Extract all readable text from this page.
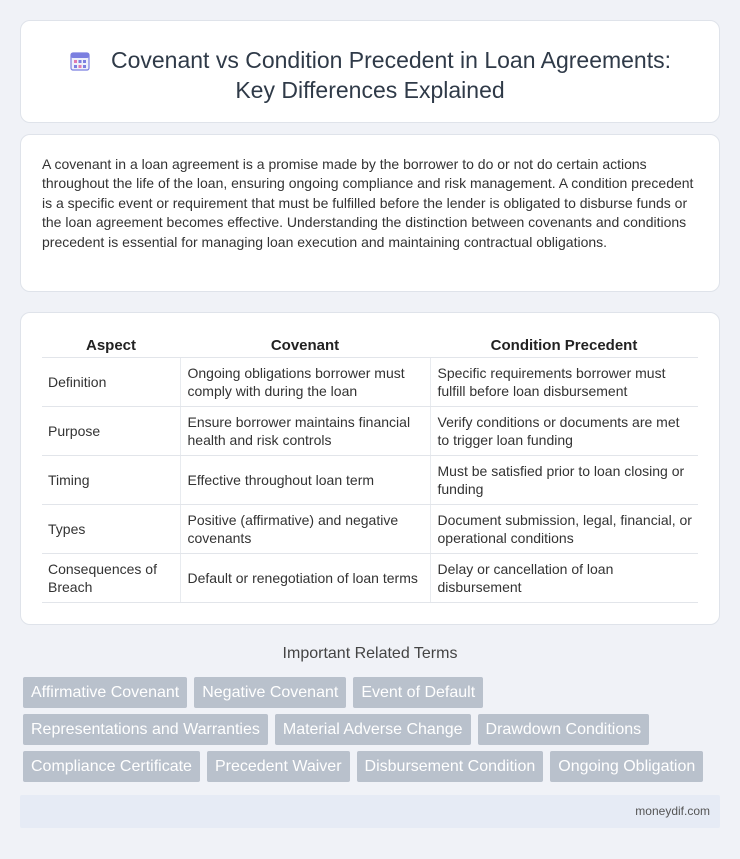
Covenant vs Condition Precedent in Loan Agreements:
Key Differences Explained

A covenant in a loan agreement is a promise made by the borrower to do or not do certain actions throughout the life of the loan, ensuring ongoing compliance and risk management. A condition precedent is a specific event or requirement that must be fulfilled before the lender is obligated to disburse funds or the loan agreement becomes effective. Understanding the distinction between covenants and conditions precedent is essential for managing loan execution and maintaining contractual obligations.

Aspect	Covenant	Condition Precedent
Definition	Ongoing obligations borrower must comply with during the loan	Specific requirements borrower must fulfill before loan disbursement
Purpose	Ensure borrower maintains financial health and risk controls	Verify conditions or documents are met to trigger loan funding
Timing	Effective throughout loan term	Must be satisfied prior to loan closing or funding
Types	Positive (affirmative) and negative covenants	Document submission, legal, financial, or operational conditions
Consequences of Breach	Default or renegotiation of loan terms	Delay or cancellation of loan disbursement
Important Related Terms
Affirmative Covenant	Negative Covenant	Event of Default
Representations and Warranties	Material Adverse Change	Drawdown Conditions
Compliance Certificate	Precedent Waiver	Disbursement Condition	Ongoing Obligation
moneydif.com
